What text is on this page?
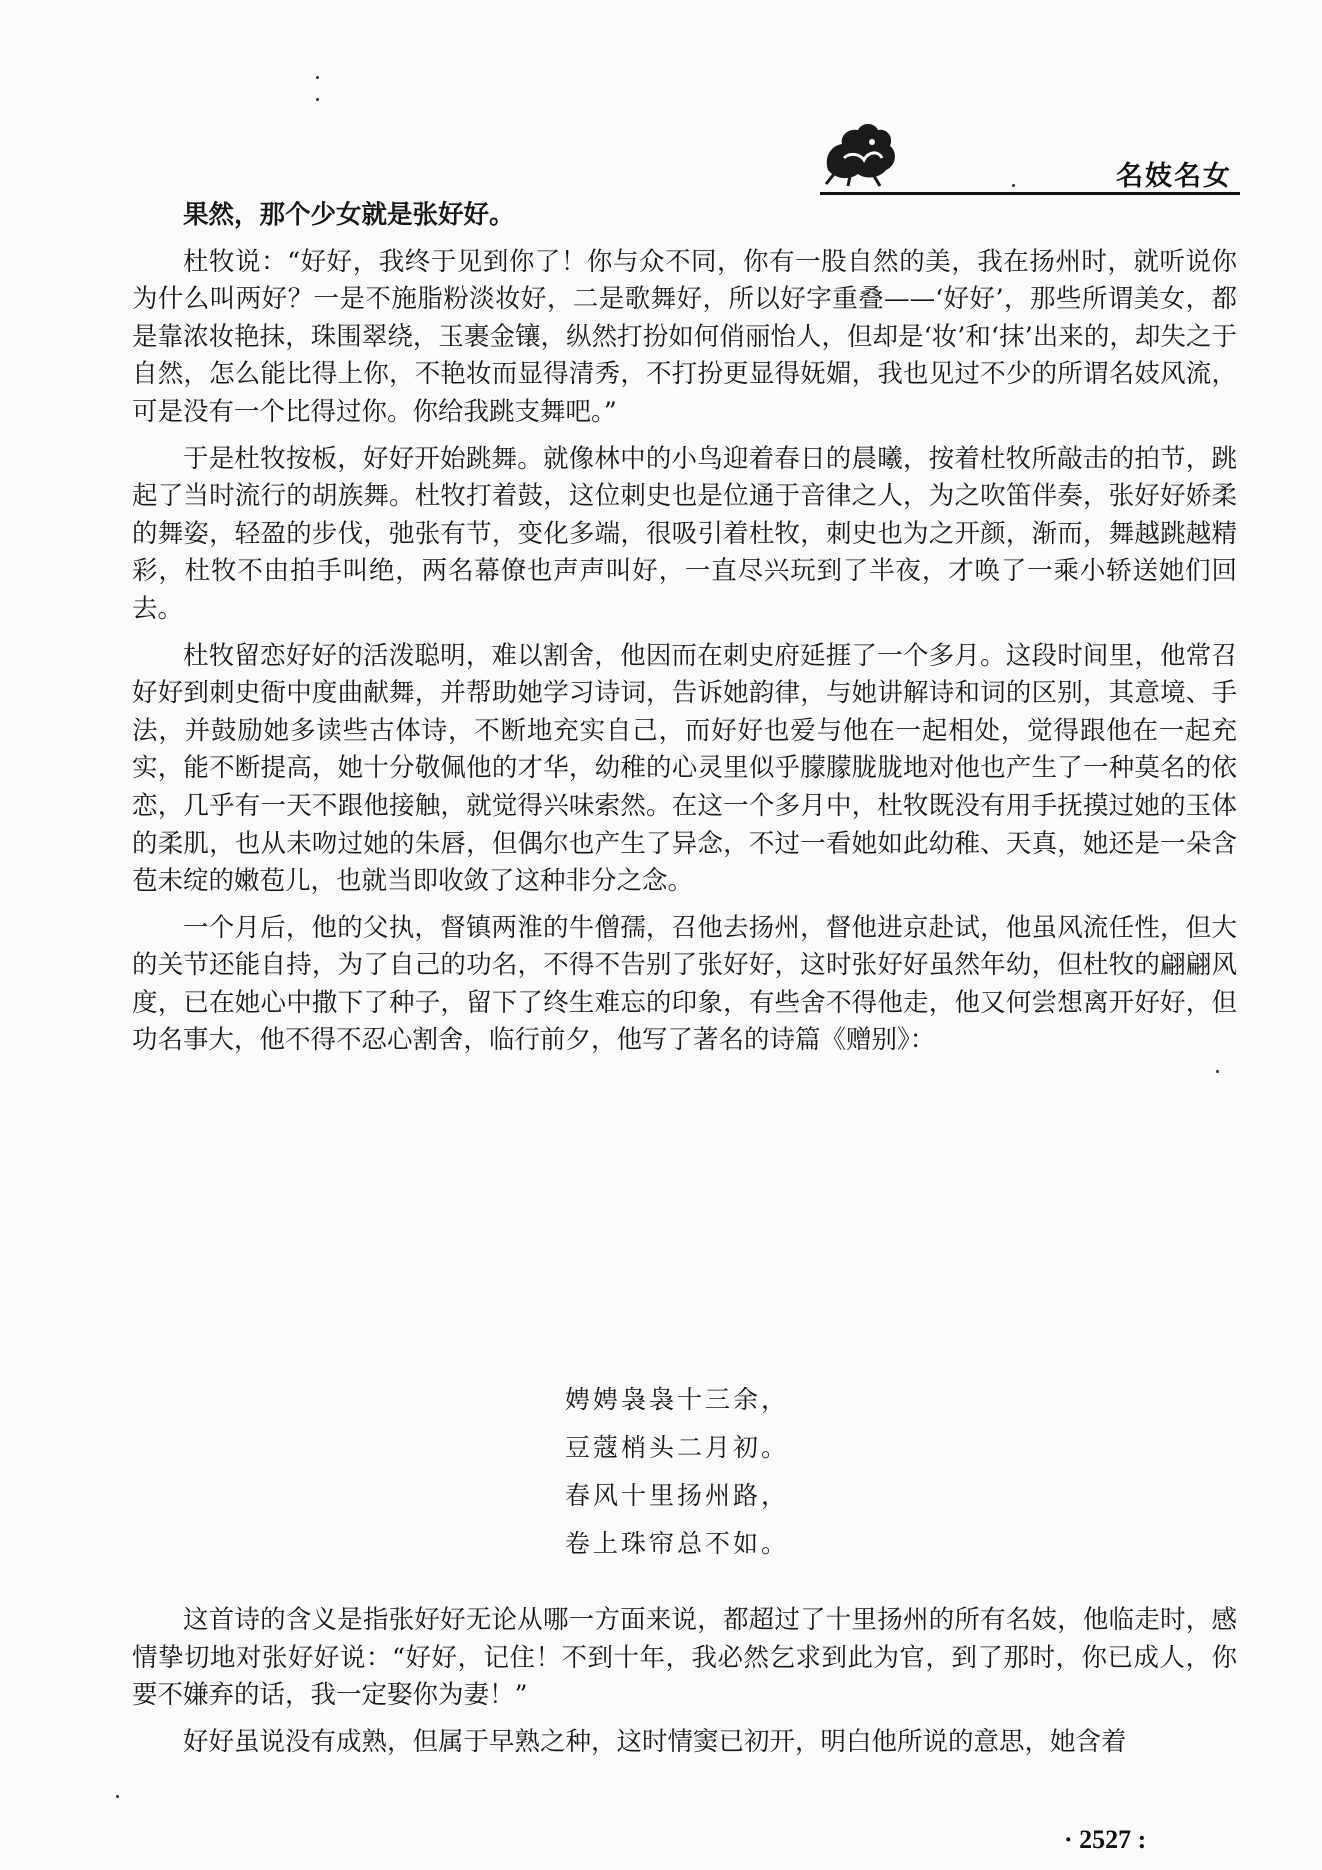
名妓名女

果然，那个少女就是张好好。

杜牧说：“好好，我终于见到你了！你与众不同，你有一股自然的美，我在扬州时，就听说你为什么叫两好？一是不施脂粉淡妆好，二是歌舞好，所以好字重叠——‘好好’，那些所谓美女，都是靠浓妆艳抹，珠围翠绕，玉裹金镶，纵然打扮如何俏丽怡人，但却是‘妆’和‘抹’出来的，却失之于自然，怎么能比得上你，不艳妆而显得清秀，不打扮更显得妩媚，我也见过不少的所谓名妓风流，可是没有一个比得过你。你给我跳支舞吧。”

于是杜牧按板，好好开始跳舞。就像林中的小鸟迎着春日的晨曦，按着杜牧所敲击的拍节，跳起了当时流行的胡族舞。杜牧打着鼓，这位刺史也是位通于音律之人，为之吹笛伴奏，张好好娇柔的舞姿，轻盈的步伐，弛张有节，变化多端，很吸引着杜牧，刺史也为之开颜，渐而，舞越跳越精彩，杜牧不由拍手叫绝，两名幕僚也声声叫好，一直尽兴玩到了半夜，才唤了一乘小轿送她们回去。

杜牧留恋好好的活泼聪明，难以割舍，他因而在刺史府延捱了一个多月。这段时间里，他常召好好到刺史衙中度曲献舞，并帮助她学习诗词，告诉她韵律，与她讲解诗和词的区别，其意境、手法，并鼓励她多读些古体诗，不断地充实自己，而好好也爱与他在一起相处，觉得跟他在一起充实，能不断提高，她十分敬佩他的才华，幼稚的心灵里似乎朦朦胧胧地对他也产生了一种莫名的依恋，几乎有一天不跟他接触，就觉得兴味索然。在这一个多月中，杜牧既没有用手抚摸过她的玉体的柔肌，也从未吻过她的朱唇，但偶尔也产生了异念，不过一看她如此幼稚、天真，她还是一朵含苞未绽的嫩苞儿，也就当即收敛了这种非分之念。

一个月后，他的父执，督镇两淮的牛僧孺，召他去扬州，督他进京赴试，他虽风流任性，但大的关节还能自持，为了自己的功名，不得不告别了张好好，这时张好好虽然年幼，但杜牧的翩翩风度，已在她心中撒下了种子，留下了终生难忘的印象，有些舍不得他走，他又何尝想离开好好，但功名事大，他不得不忍心割舍，临行前夕，他写了著名的诗篇《赠别》：

娉娉袅袅十三余，
豆蔻梢头二月初。
春风十里扬州路，
卷上珠帘总不如。

这首诗的含义是指张好好无论从哪一方面来说，都超过了十里扬州的所有名妓，他临走时，感情挚切地对张好好说：“好好，记住！不到十年，我必然乞求到此为官，到了那时，你已成人，你要不嫌弃的话，我一定娶你为妻！”

好好虽说没有成熟，但属于早熟之种，这时情窦已初开，明白他所说的意思，她含着

· 2527 :
